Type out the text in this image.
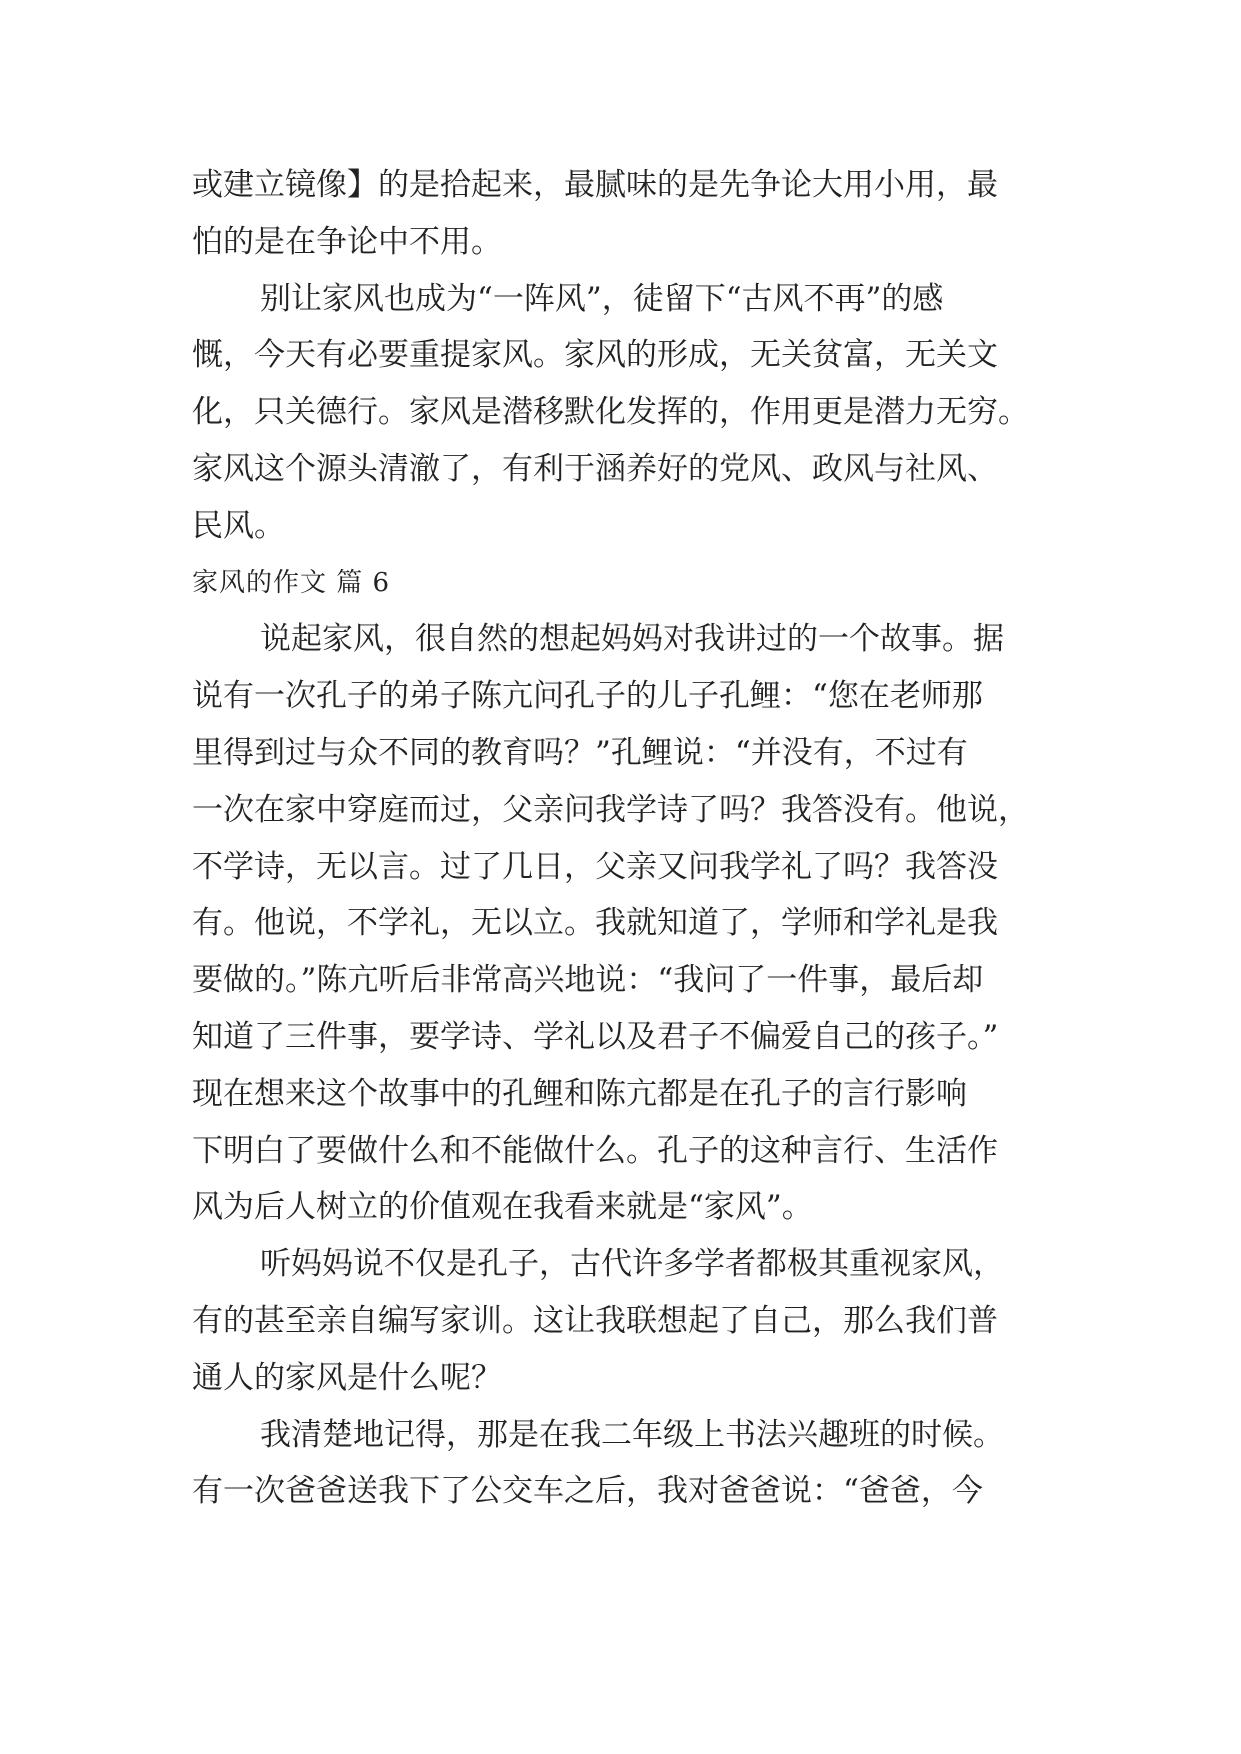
或建立镜像】的是拾起来，最腻味的是先争论大用小用，最
怕的是在争论中不用。
别让家风也成为“一阵风”，徒留下“古风不再”的感
慨，今天有必要重提家风。家风的形成，无关贫富，无关文
化，只关德行。家风是潜移默化发挥的，作用更是潜力无穷。
家风这个源头清澈了，有利于涵养好的党风、政风与社风、
民风。
家风的作文 篇 6
说起家风，很自然的想起妈妈对我讲过的一个故事。据
说有一次孔子的弟子陈亢问孔子的儿子孔鲤：“您在老师那
里得到过与众不同的教育吗？”孔鲤说：“并没有，不过有
一次在家中穿庭而过，父亲问我学诗了吗？我答没有。他说，
不学诗，无以言。过了几日，父亲又问我学礼了吗？我答没
有。他说，不学礼，无以立。我就知道了，学师和学礼是我
要做的。”陈亢听后非常高兴地说：“我问了一件事，最后却
知道了三件事，要学诗、学礼以及君子不偏爱自己的孩子。”
现在想来这个故事中的孔鲤和陈亢都是在孔子的言行影响
下明白了要做什么和不能做什么。孔子的这种言行、生活作
风为后人树立的价值观在我看来就是“家风”。
听妈妈说不仅是孔子，古代许多学者都极其重视家风，
有的甚至亲自编写家训。这让我联想起了自己，那么我们普
通人的家风是什么呢？
我清楚地记得，那是在我二年级上书法兴趣班的时候。
有一次爸爸送我下了公交车之后，我对爸爸说：“爸爸，今
